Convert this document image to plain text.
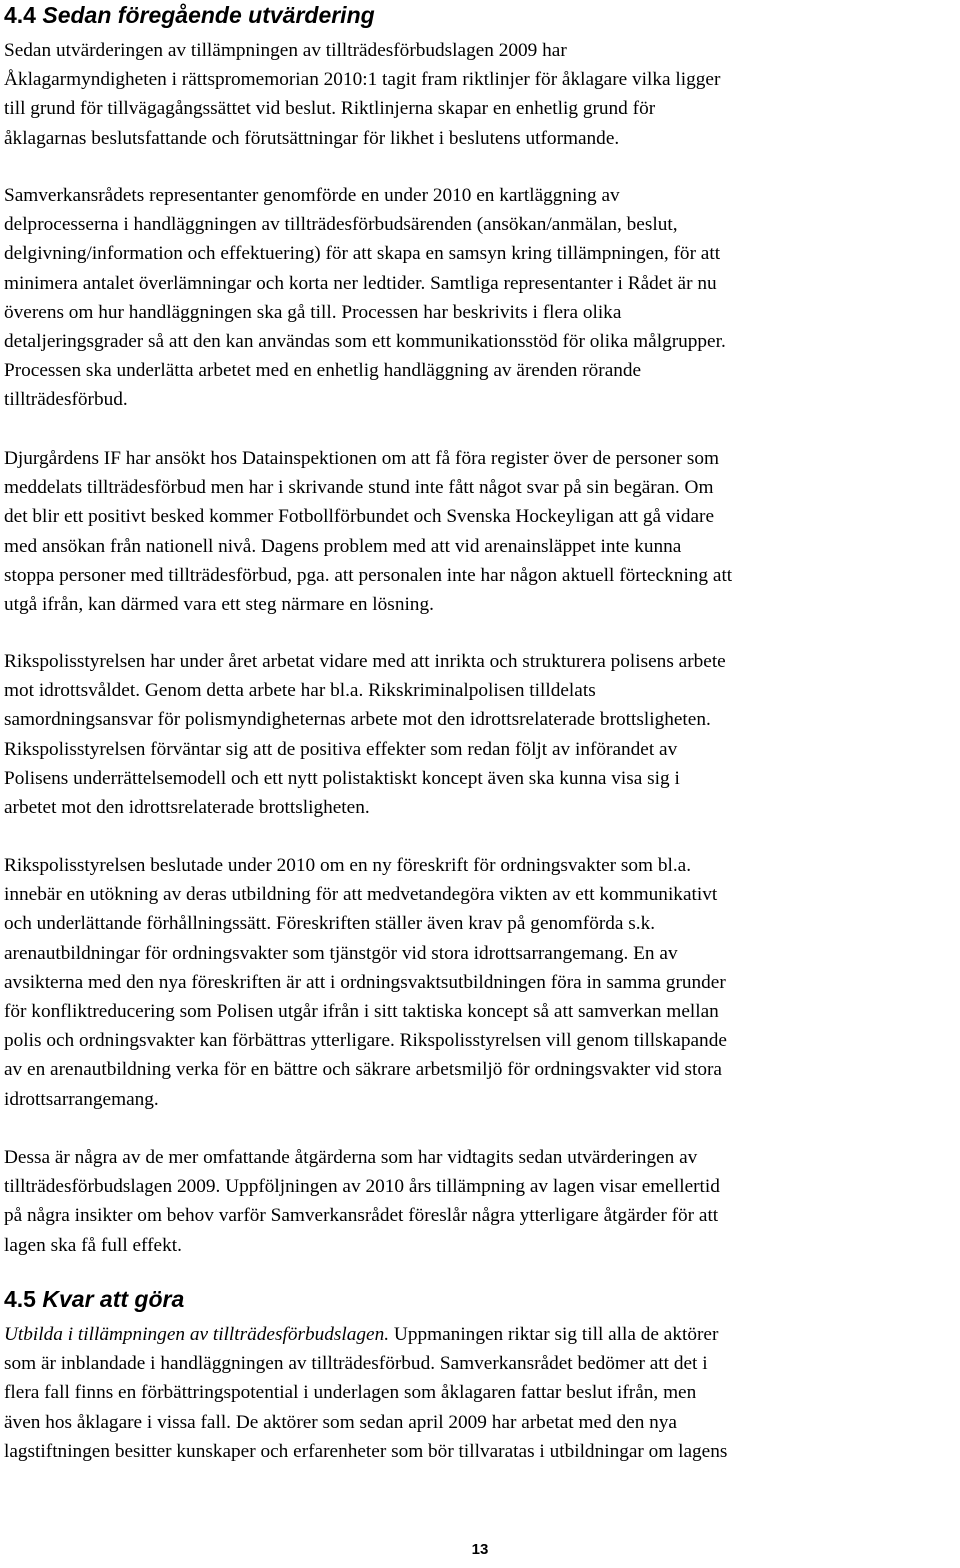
4.4 Sedan föregående utvärdering
Sedan utvärderingen av tillämpningen av tillträdesförbudslagen 2009 har
Åklagarmyndigheten i rättspromemorian 2010:1 tagit fram riktlinjer för åklagare vilka ligger
till grund för tillvägagångssättet vid beslut. Riktlinjerna skapar en enhetlig grund för
åklagarnas beslutsfattande och förutsättningar för likhet i beslutens utformande.
Samverkansrådets representanter genomförde en under 2010 en kartläggning av
delprocesserna i handläggningen av tillträdesförbudsärenden (ansökan/anmälan, beslut,
delgivning/information och effektuering) för att skapa en samsyn kring tillämpningen, för att
minimera antalet överlämningar och korta ner ledtider. Samtliga representanter i Rådet är nu
överens om hur handläggningen ska gå till. Processen har beskrivits i flera olika
detaljeringsgrader så att den kan användas som ett kommunikationsstöd för olika målgrupper.
Processen ska underlätta arbetet med en enhetlig handläggning av ärenden rörande
tillträdesförbud.
Djurgårdens IF har ansökt hos Datainspektionen om att få föra register över de personer som
meddelats tillträdesförbud men har i skrivande stund inte fått något svar på sin begäran. Om
det blir ett positivt besked kommer Fotbollförbundet och Svenska Hockeyligan att gå vidare
med ansökan från nationell nivå. Dagens problem med att vid arenainsläppet inte kunna
stoppa personer med tillträdesförbud, pga. att personalen inte har någon aktuell förteckning att
utgå ifrån, kan därmed vara ett steg närmare en lösning.
Rikspolisstyrelsen har under året arbetat vidare med att inrikta och strukturera polisens arbete
mot idrottsvåldet. Genom detta arbete har bl.a. Rikskriminalpolisen tilldelats
samordningsansvar för polismyndigheternas arbete mot den idrottsrelaterade brottsligheten.
Rikspolisstyrelsen förväntar sig att de positiva effekter som redan följt av införandet av
Polisens underrättelsemodell och ett nytt polistaktiskt koncept även ska kunna visa sig i
arbetet mot den idrottsrelaterade brottsligheten.
Rikspolisstyrelsen beslutade under 2010 om en ny föreskrift för ordningsvakter som bl.a.
innebär en utökning av deras utbildning för att medvetandegöra vikten av ett kommunikativt
och underlättande förhållningssätt. Föreskriften ställer även krav på genomförda s.k.
arenautbildningar för ordningsvakter som tjänstgör vid stora idrottsarrangemang. En av
avsikterna med den nya föreskriften är att i ordningsvaktsutbildningen föra in samma grunder
för konfliktreducering som Polisen utgår ifrån i sitt taktiska koncept så att samverkan mellan
polis och ordningsvakter kan förbättras ytterligare. Rikspolisstyrelsen vill genom tillskapande
av en arenautbildning verka för en bättre och säkrare arbetsmiljö för ordningsvakter vid stora
idrottsarrangemang.
Dessa är några av de mer omfattande åtgärderna som har vidtagits sedan utvärderingen av
tillträdesförbudslagen 2009. Uppföljningen av 2010 års tillämpning av lagen visar emellertid
på några insikter om behov varför Samverkansrådet föreslår några ytterligare åtgärder för att
lagen ska få full effekt.
4.5 Kvar att göra
Utbilda i tillämpningen av tillträdesförbudslagen. Uppmaningen riktar sig till alla de aktörer
som är inblandade i handläggningen av tillträdesförbud. Samverkansrådet bedömer att det i
flera fall finns en förbättringspotential i underlagen som åklagaren fattar beslut ifrån, men
även hos åklagare i vissa fall. De aktörer som sedan april 2009 har arbetat med den nya
lagstiftningen besitter kunskaper och erfarenheter som bör tillvaratas i utbildningar om lagens
13
